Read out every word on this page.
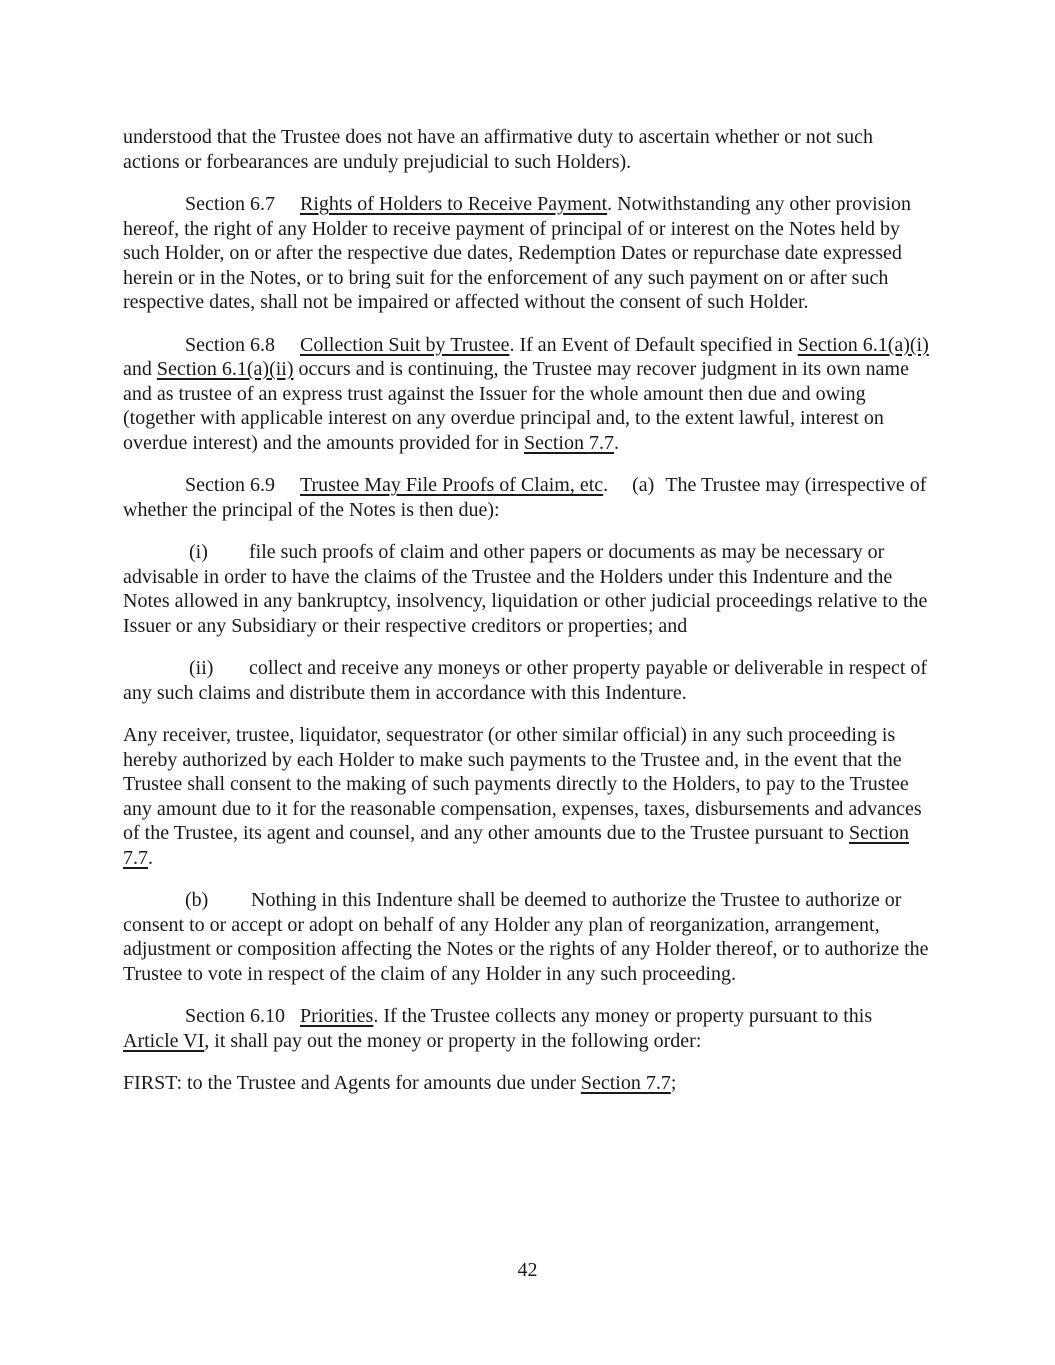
understood that the Trustee does not have an affirmative duty to ascertain whether or not such actions or forbearances are unduly prejudicial to such Holders).

Section 6.7 Rights of Holders to Receive Payment. Notwithstanding any other provision hereof, the right of any Holder to receive payment of principal of or interest on the Notes held by such Holder, on or after the respective due dates, Redemption Dates or repurchase date expressed herein or in the Notes, or to bring suit for the enforcement of any such payment on or after such respective dates, shall not be impaired or affected without the consent of such Holder.

Section 6.8 Collection Suit by Trustee. If an Event of Default specified in Section 6.1(a)(i) and Section 6.1(a)(ii) occurs and is continuing, the Trustee may recover judgment in its own name and as trustee of an express trust against the Issuer for the whole amount then due and owing (together with applicable interest on any overdue principal and, to the extent lawful, interest on overdue interest) and the amounts provided for in Section 7.7.

Section 6.9 Trustee May File Proofs of Claim, etc. (a) The Trustee may (irrespective of whether the principal of the Notes is then due):

(i) file such proofs of claim and other papers or documents as may be necessary or advisable in order to have the claims of the Trustee and the Holders under this Indenture and the Notes allowed in any bankruptcy, insolvency, liquidation or other judicial proceedings relative to the Issuer or any Subsidiary or their respective creditors or properties; and

(ii) collect and receive any moneys or other property payable or deliverable in respect of any such claims and distribute them in accordance with this Indenture.

Any receiver, trustee, liquidator, sequestrator (or other similar official) in any such proceeding is hereby authorized by each Holder to make such payments to the Trustee and, in the event that the Trustee shall consent to the making of such payments directly to the Holders, to pay to the Trustee any amount due to it for the reasonable compensation, expenses, taxes, disbursements and advances of the Trustee, its agent and counsel, and any other amounts due to the Trustee pursuant to Section 7.7.

(b) Nothing in this Indenture shall be deemed to authorize the Trustee to authorize or consent to or accept or adopt on behalf of any Holder any plan of reorganization, arrangement, adjustment or composition affecting the Notes or the rights of any Holder thereof, or to authorize the Trustee to vote in respect of the claim of any Holder in any such proceeding.

Section 6.10 Priorities. If the Trustee collects any money or property pursuant to this Article VI, it shall pay out the money or property in the following order:

FIRST: to the Trustee and Agents for amounts due under Section 7.7;

42
